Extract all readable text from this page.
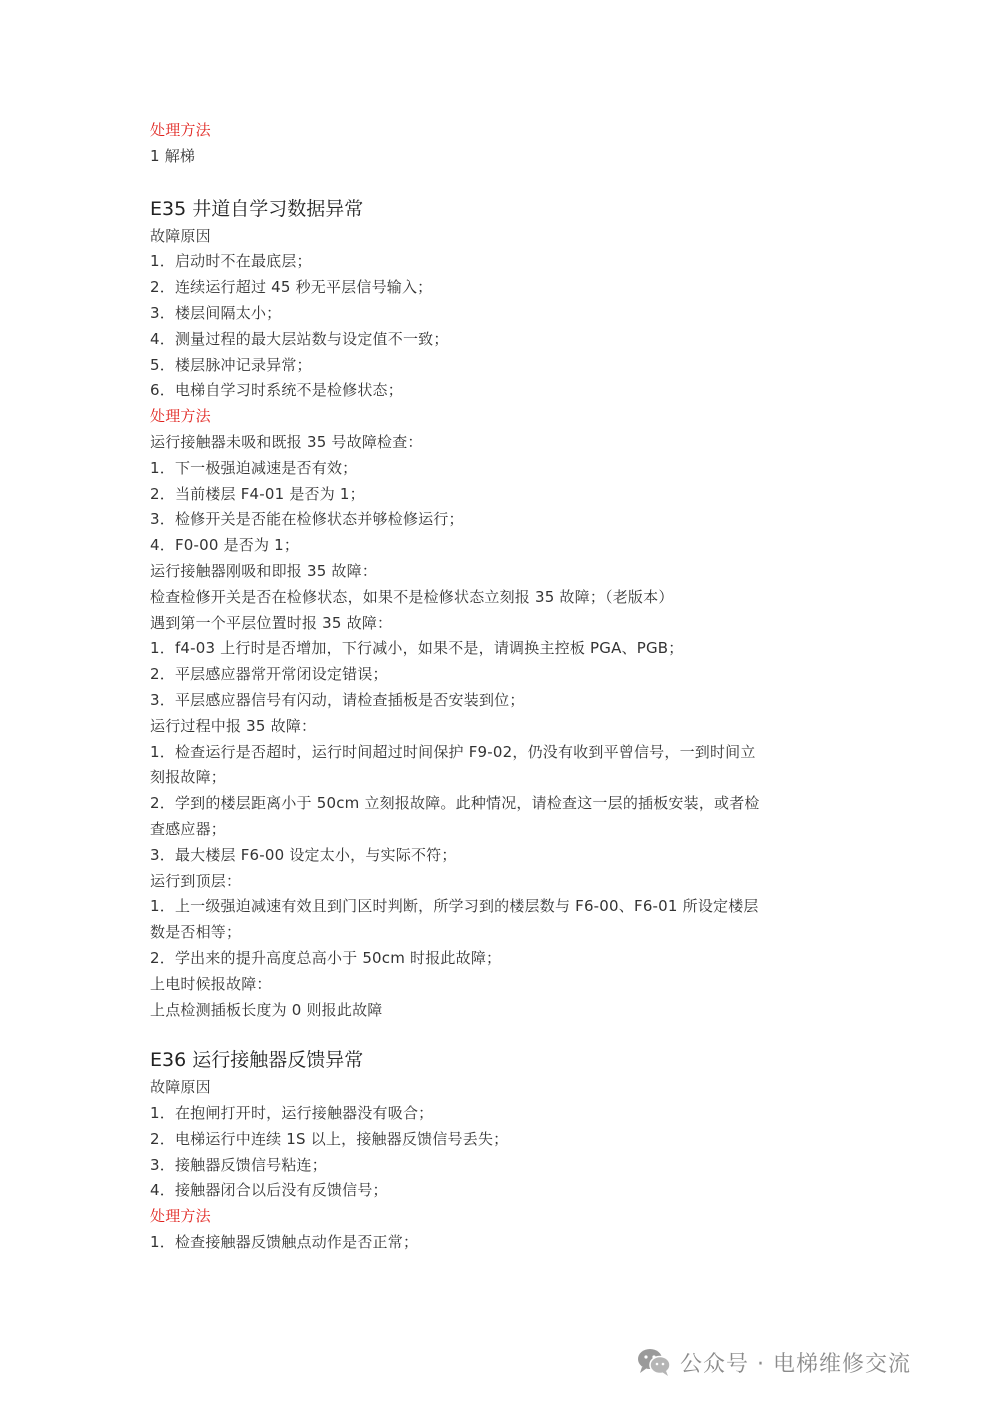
处理方法
1 解梯
E35 井道自学习数据异常
故障原因
1．启动时不在最底层；
2．连续运行超过 45 秒无平层信号输入；
3．楼层间隔太小；
4．测量过程的最大层站数与设定值不一致；
5．楼层脉冲记录异常；
6．电梯自学习时系统不是检修状态；
处理方法
运行接触器未吸和既报 35 号故障检查：
1．下一极强迫减速是否有效；
2．当前楼层 F4-01 是否为 1；
3．检修开关是否能在检修状态并够检修运行；
4．F0-00 是否为 1；
运行接触器刚吸和即报 35 故障：
检查检修开关是否在检修状态，如果不是检修状态立刻报 35 故障；（老版本）
遇到第一个平层位置时报 35 故障：
1．f4-03 上行时是否增加，下行减小，如果不是，请调换主控板 PGA、PGB；
2．平层感应器常开常闭设定错误；
3．平层感应器信号有闪动，请检查插板是否安装到位；
运行过程中报 35 故障：
1．检查运行是否超时，运行时间超过时间保护 F9-02，仍没有收到平曾信号，一到时间立
刻报故障；
2．学到的楼层距离小于 50cm 立刻报故障。此种情况，请检查这一层的插板安装，或者检
查感应器；
3．最大楼层 F6-00 设定太小，与实际不符；
运行到顶层：
1．上一级强迫减速有效且到门区时判断，所学习到的楼层数与 F6-00、F6-01 所设定楼层
数是否相等；
2．学出来的提升高度总高小于 50cm 时报此故障；
上电时候报故障：
上点检测插板长度为 0 则报此故障
E36 运行接触器反馈异常
故障原因
1．在抱闸打开时，运行接触器没有吸合；
2．电梯运行中连续 1S 以上，接触器反馈信号丢失；
3．接触器反馈信号粘连；
4．接触器闭合以后没有反馈信号；
处理方法
1．检查接触器反馈触点动作是否正常；
公众号 · 电梯维修交流
